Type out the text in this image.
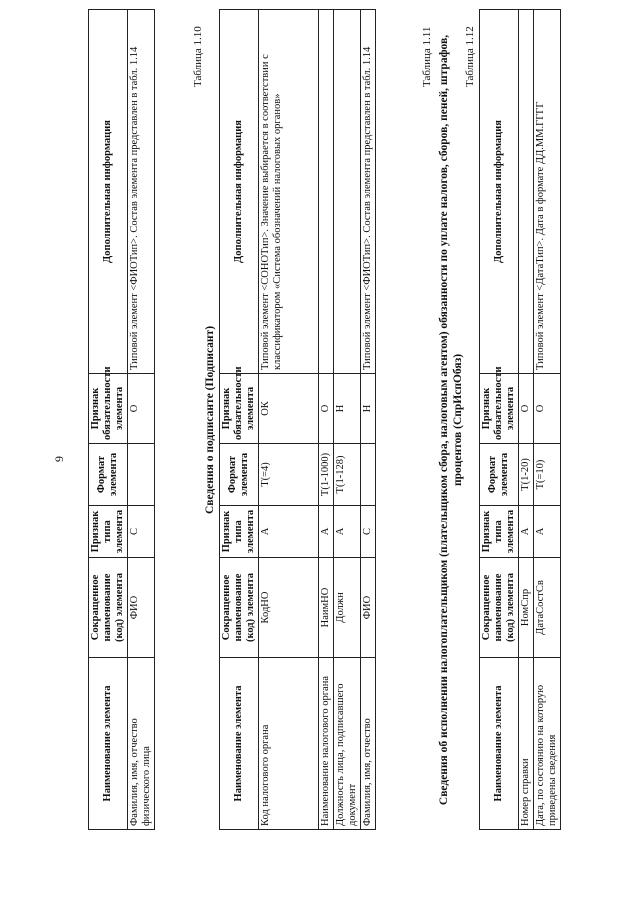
9
Наименование элемента	Сокращенное наименование (код) элемента	Признак типа элемента	Формат элемента	Признак обязательности элемента	Дополнительная информация
Фамилия, имя, отчество физического лица	ФИО	С		О	Типовой элемент <ФИОТип>. Состав элемента представлен в табл. 1.14	Таблица 1.10
Сведения о подписанте (Подписант)
Наименование элемента	Сокращенное наименование (код) элемента	Признак типа элемента	Формат элемента	Признак обязательности элемента	Дополнительная информация
Код налогового органа	КодНО	А	Т(=4)	ОК	Типовой элемент <СОНОТип>. Значение выбирается в соответствии с классификатором «Система обозначений налоговых органов»
Наименование налогового органа	НаимНО	А	Т(1-1000)	О	
Должность лица, подписавшего документ	Должн	А	Т(1-128)	Н	
Фамилия, имя, отчество	ФИО	С		Н	Типовой элемент <ФИОТип>. Состав элемента представлен в табл. 1.14	Таблица 1.11 Сведения об исполнении налогоплательщиком (плательщиком сбора, налоговым агентом) обязанности по уплате налогов, сборов, пеней, штрафов, процентов (СпрИспОбяз)
Наименование элемента	Сокращенное наименование (код) элемента	Признак типа элемента	Формат элемента	Признак обязательности элемента	Дополнительная информация
Номер справки	НомСпр	А	Т(1-20)	О	
Дата, по состоянию на которую приведены сведения	ДатаСостСв	А	Т(=10)	О	Типовой элемент <ДатаТип>. Дата в формате ДД.ММ.ГГГГ
Таблица 1.12
